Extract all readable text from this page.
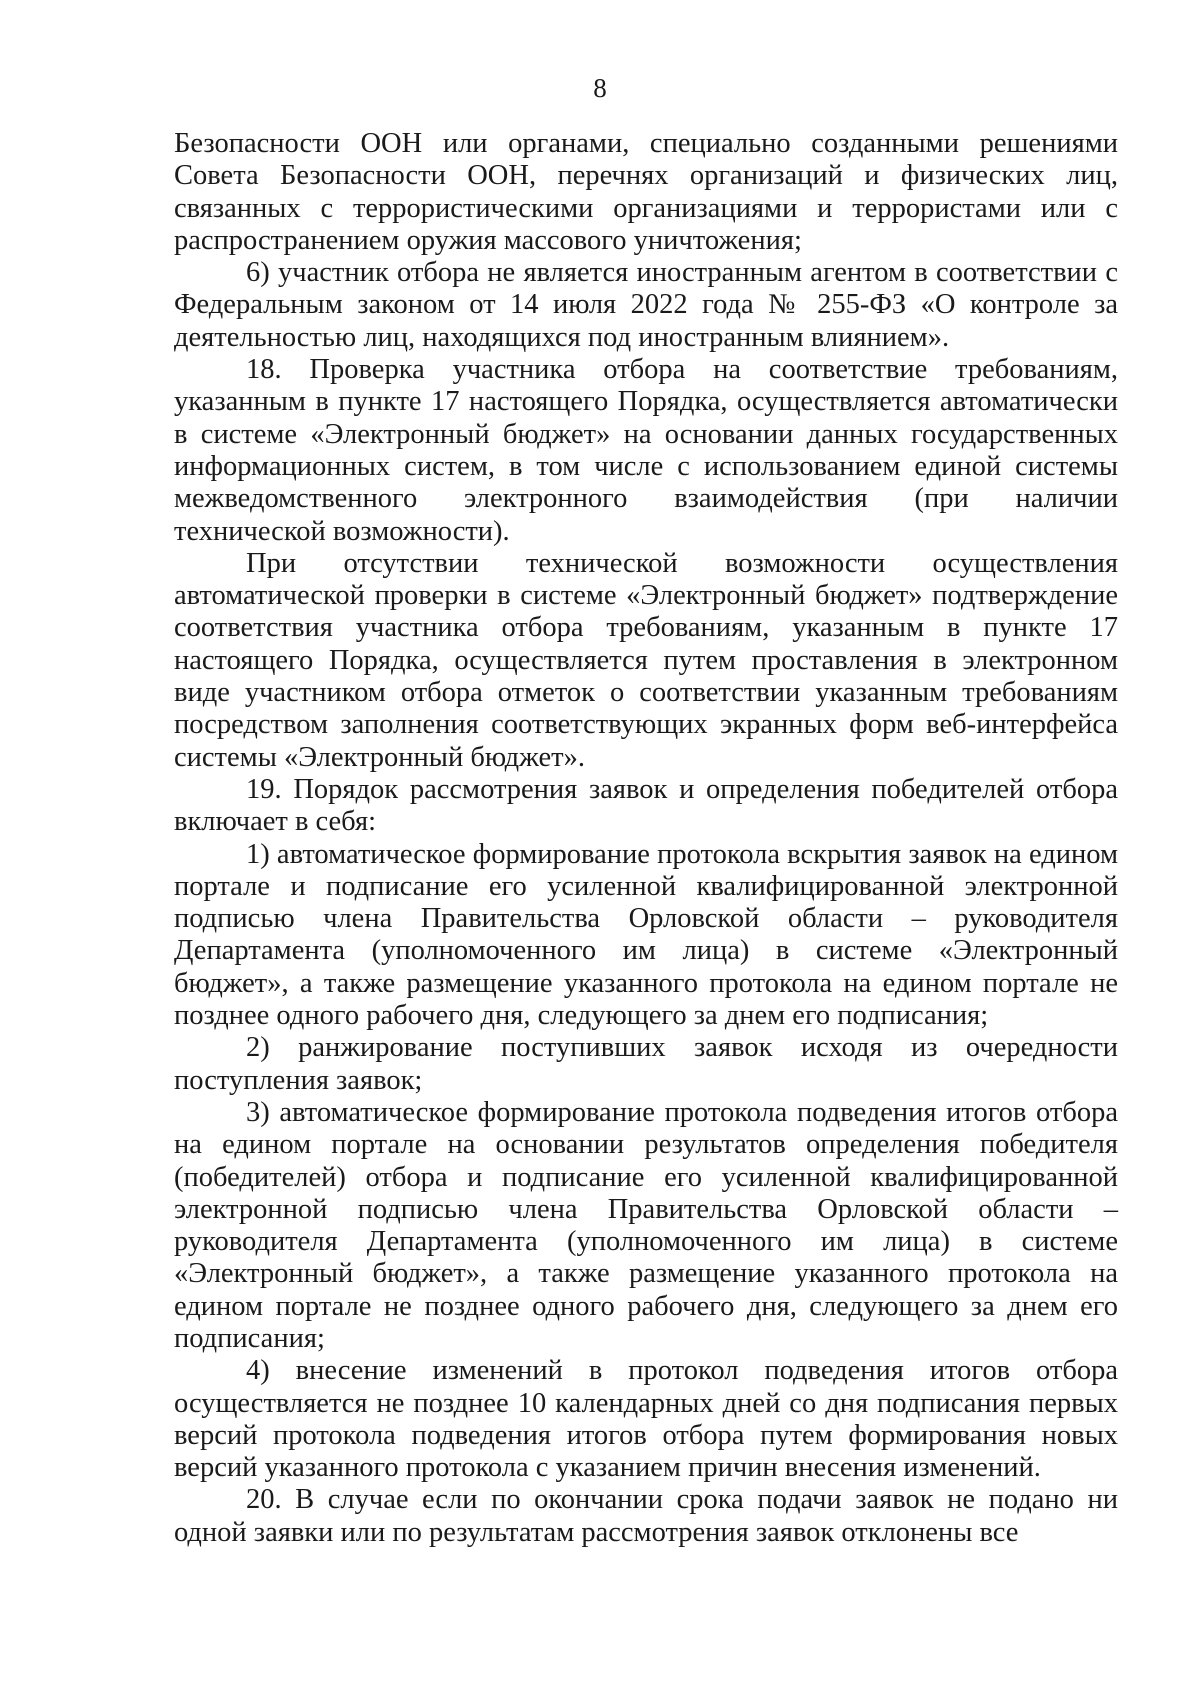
8

Безопасности ООН или органами, специально созданными решениями Совета Безопасности ООН, перечнях организаций и физических лиц, связанных с террористическими организациями и террористами или с распространением оружия массового уничтожения;

6) участник отбора не является иностранным агентом в соответствии с Федеральным законом от 14 июля 2022 года № 255-ФЗ «О контроле за деятельностью лиц, находящихся под иностранным влиянием».

18. Проверка участника отбора на соответствие требованиям, указанным в пункте 17 настоящего Порядка, осуществляется автоматически в системе «Электронный бюджет» на основании данных государственных информационных систем, в том числе с использованием единой системы межведомственного электронного взаимодействия (при наличии технической возможности).

При отсутствии технической возможности осуществления автоматической проверки в системе «Электронный бюджет» подтверждение соответствия участника отбора требованиям, указанным в пункте 17 настоящего Порядка, осуществляется путем проставления в электронном виде участником отбора отметок о соответствии указанным требованиям посредством заполнения соответствующих экранных форм веб-интерфейса системы «Электронный бюджет».

19. Порядок рассмотрения заявок и определения победителей отбора включает в себя:

1) автоматическое формирование протокола вскрытия заявок на едином портале и подписание его усиленной квалифицированной электронной подписью члена Правительства Орловской области – руководителя Департамента (уполномоченного им лица) в системе «Электронный бюджет», а также размещение указанного протокола на едином портале не позднее одного рабочего дня, следующего за днем его подписания;

2) ранжирование поступивших заявок исходя из очередности поступления заявок;

3) автоматическое формирование протокола подведения итогов отбора на едином портале на основании результатов определения победителя (победителей) отбора и подписание его усиленной квалифицированной электронной подписью члена Правительства Орловской области – руководителя Департамента (уполномоченного им лица) в системе «Электронный бюджет», а также размещение указанного протокола на едином портале не позднее одного рабочего дня, следующего за днем его подписания;

4) внесение изменений в протокол подведения итогов отбора осуществляется не позднее 10 календарных дней со дня подписания первых версий протокола подведения итогов отбора путем формирования новых версий указанного протокола с указанием причин внесения изменений.

20. В случае если по окончании срока подачи заявок не подано ни одной заявки или по результатам рассмотрения заявок отклонены все
